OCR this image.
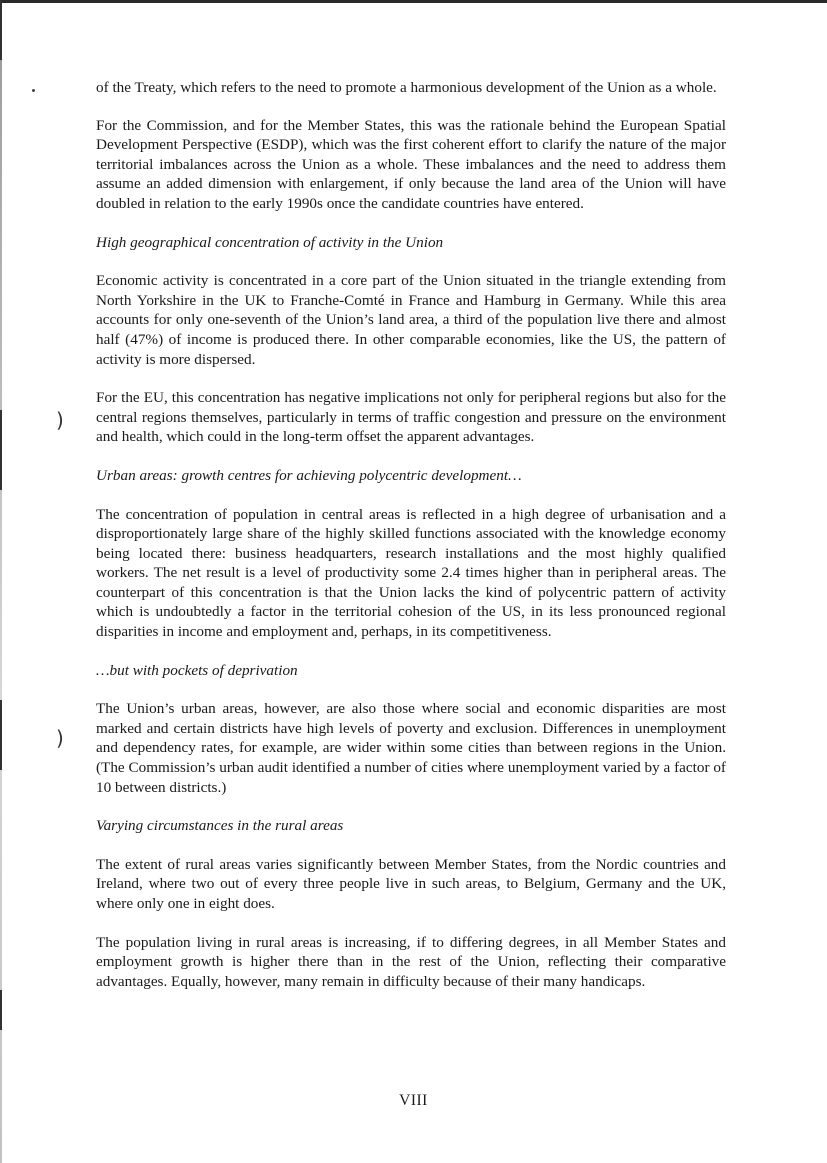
)
)

of the Treaty, which refers to the need to promote a harmonious development of the Union as a whole.

For the Commission, and for the Member States, this was the rationale behind the European Spatial Development Perspective (ESDP), which was the first coherent effort to clarify the nature of the major territorial imbalances across the Union as a whole. These imbalances and the need to address them assume an added dimension with enlargement, if only because the land area of the Union will have doubled in relation to the early 1990s once the candidate countries have entered.

High geographical concentration of activity in the Union

Economic activity is concentrated in a core part of the Union situated in the triangle extending from North Yorkshire in the UK to Franche-Comté in France and Hamburg in Germany. While this area accounts for only one-seventh of the Union’s land area, a third of the population live there and almost half (47%) of income is produced there. In other comparable economies, like the US, the pattern of activity is more dispersed.

For the EU, this concentration has negative implications not only for peripheral regions but also for the central regions themselves, particularly in terms of traffic congestion and pressure on the environment and health, which could in the long-term offset the apparent advantages.

Urban areas: growth centres for achieving polycentric development…

The concentration of population in central areas is reflected in a high degree of urbanisation and a disproportionately large share of the highly skilled functions associated with the knowledge economy being located there: business headquarters, research installations and the most highly qualified workers. The net result is a level of productivity some 2.4 times higher than in peripheral areas. The counterpart of this concentration is that the Union lacks the kind of polycentric pattern of activity which is undoubtedly a factor in the territorial cohesion of the US, in its less pronounced regional disparities in income and employment and, perhaps, in its competitiveness.

…but with pockets of deprivation

The Union’s urban areas, however, are also those where social and economic disparities are most marked and certain districts have high levels of poverty and exclusion. Differences in unemployment and dependency rates, for example, are wider within some cities than between regions in the Union. (The Commission’s urban audit identified a number of cities where unemployment varied by a factor of 10 between districts.)

Varying circumstances in the rural areas

The extent of rural areas varies significantly between Member States, from the Nordic countries and Ireland, where two out of every three people live in such areas, to Belgium, Germany and the UK, where only one in eight does.

The population living in rural areas is increasing, if to differing degrees, in all Member States and employment growth is higher there than in the rest of the Union, reflecting their comparative advantages. Equally, however, many remain in difficulty because of their many handicaps.

VIII
